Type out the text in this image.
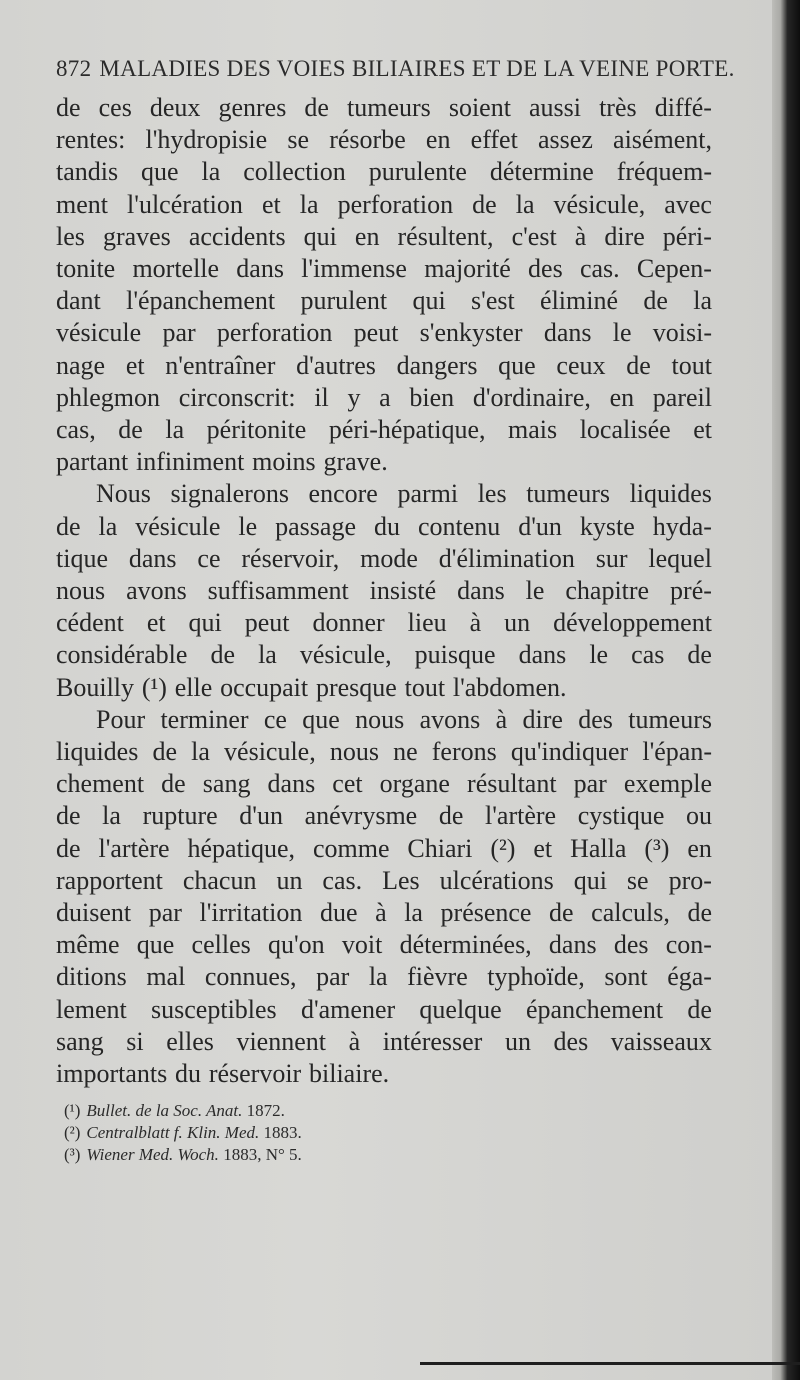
872 MALADIES DES VOIES BILIAIRES ET DE LA VEINE PORTE.
de ces deux genres de tumeurs soient aussi très diffé-
rentes: l'hydropisie se résorbe en effet assez aisément,
tandis que la collection purulente détermine fréquem-
ment l'ulcération et la perforation de la vésicule, avec
les graves accidents qui en résultent, c'est à dire péri-
tonite mortelle dans l'immense majorité des cas. Cepen-
dant l'épanchement purulent qui s'est éliminé de la
vésicule par perforation peut s'enkyster dans le voisi-
nage et n'entraîner d'autres dangers que ceux de tout
phlegmon circonscrit: il y a bien d'ordinaire, en pareil
cas, de la péritonite péri-hépatique, mais localisée et
partant infiniment moins grave.
Nous signalerons encore parmi les tumeurs liquides
de la vésicule le passage du contenu d'un kyste hyda-
tique dans ce réservoir, mode d'élimination sur lequel
nous avons suffisamment insisté dans le chapitre pré-
cédent et qui peut donner lieu à un développement
considérable de la vésicule, puisque dans le cas de
Bouilly (¹) elle occupait presque tout l'abdomen.
Pour terminer ce que nous avons à dire des tumeurs
liquides de la vésicule, nous ne ferons qu'indiquer l'épan-
chement de sang dans cet organe résultant par exemple
de la rupture d'un anévrysme de l'artère cystique ou
de l'artère hépatique, comme Chiari (²) et Halla (³) en
rapportent chacun un cas. Les ulcérations qui se pro-
duisent par l'irritation due à la présence de calculs, de
même que celles qu'on voit déterminées, dans des con-
ditions mal connues, par la fièvre typhoïde, sont éga-
lement susceptibles d'amener quelque épanchement de
sang si elles viennent à intéresser un des vaisseaux
importants du réservoir biliaire.
(¹) Bullet. de la Soc. Anat. 1872.
(²) Centralblatt f. Klin. Med. 1883.
(³) Wiener Med. Woch. 1883, N° 5.
